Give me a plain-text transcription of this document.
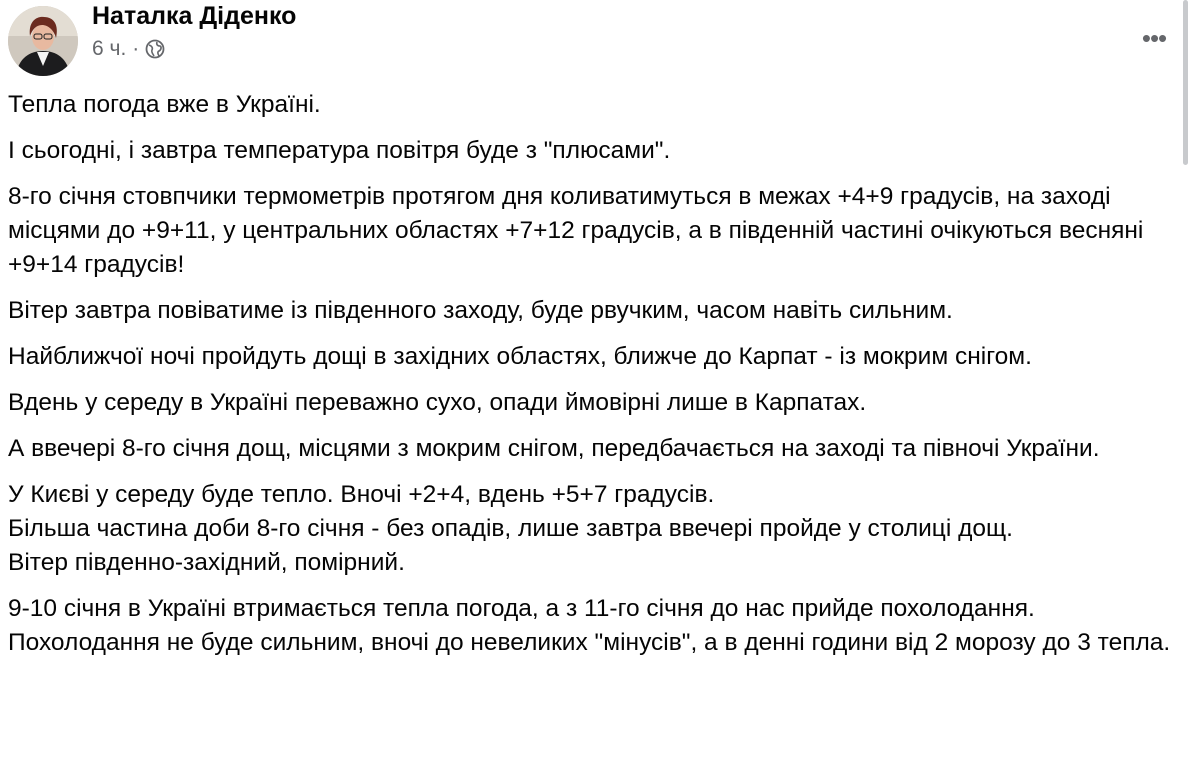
Наталка Діденко
6 ч. ·	•••

Тепла погода вже в Україні.

І сьогодні, і завтра температура повітря буде з "плюсами".

8-го січня стовпчики термометрів протягом дня коливатимуться в межах +4+9 градусів, на заході місцями до +9+11, у центральних областях +7+12 градусів, а в південній частині очікуються весняні +9+14 градусів!

Вітер завтра повіватиме із південного заходу, буде рвучким, часом навіть сильним.

Найближчої ночі пройдуть дощі в західних областях, ближче до Карпат - із мокрим снігом.

Вдень у середу в Україні переважно сухо, опади ймовірні лише в Карпатах.

А ввечері 8-го січня дощ, місцями з мокрим снігом, передбачається на заході та півночі України.

У Києві у середу буде тепло. Вночі +2+4, вдень +5+7 градусів.
Більша частина доби 8-го січня - без опадів, лише завтра ввечері пройде у столиці дощ.
Вітер південно-західний, помірний.

9-10 січня в Україні втримається тепла погода, а з 11-го січня до нас прийде похолодання.
Похолодання не буде сильним, вночі до невеликих "мінусів", а в денні години від 2 морозу до 3 тепла.
